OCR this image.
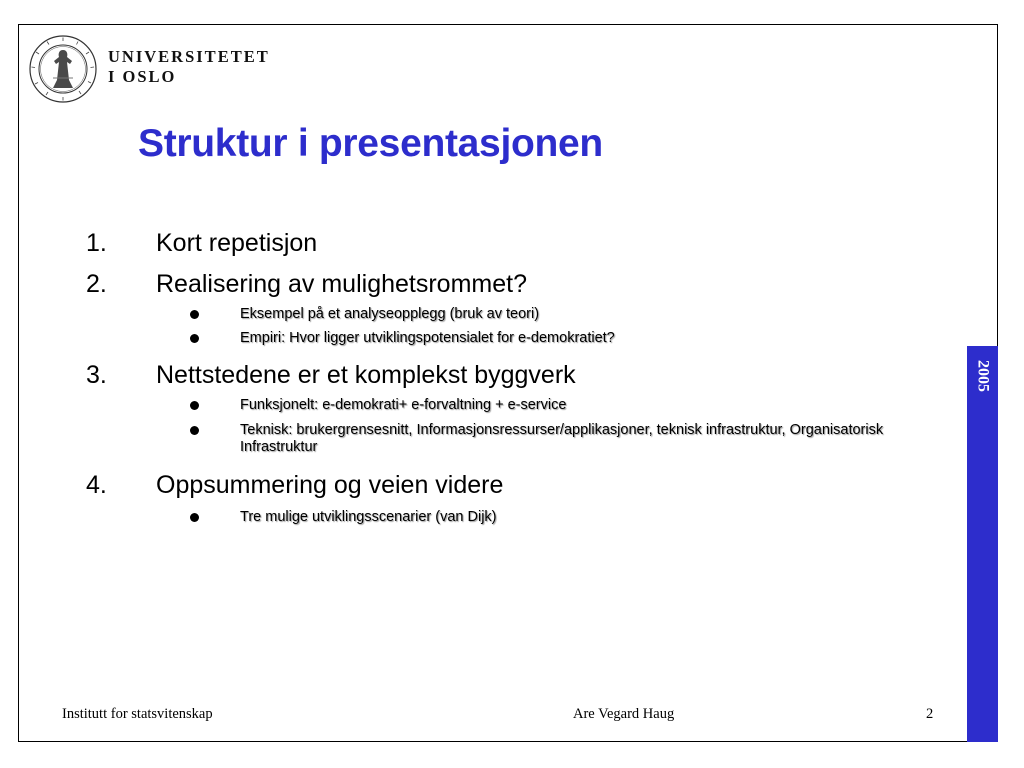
2005
UNIVERSITETET
I OSLO
Struktur i presentasjonen
1. Kort repetisjon
2. Realisering av mulighetsrommet?
Eksempel på et analyseopplegg (bruk av teori)
Empiri: Hvor ligger utviklingspotensialet for e-demokratiet?
3. Nettstedene er et komplekst byggverk
Funksjonelt: e-demokrati+ e-forvaltning + e-service
Teknisk: brukergrensesnitt, Informasjonsressurser/applikasjoner, teknisk infrastruktur, Organisatorisk Infrastruktur
4. Oppsummering og veien videre
Tre mulige utviklingsscenarier (van Dijk)
Institutt for statsvitenskap	Are Vegard Haug	2
